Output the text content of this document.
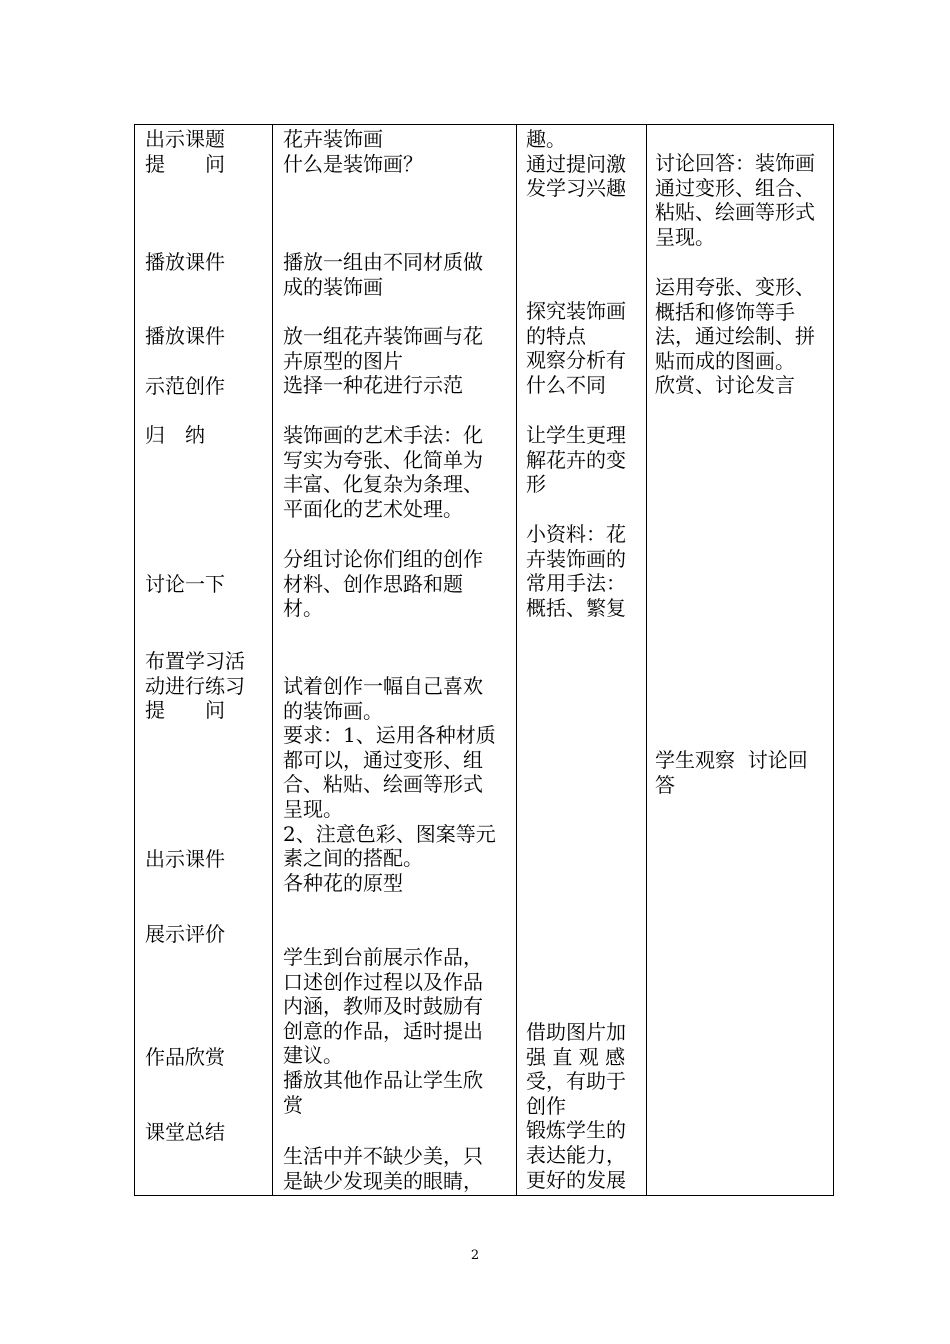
出示课题
提　　问
播放课件
播放课件
示范创作
归　纳
讨论一下
布置学习活
动进行练习
提　　问
出示课件
展示评价
作品欣赏
课堂总结
花卉装饰画
什么是装饰画？
播放一组由不同材质做
成的装饰画
放一组花卉装饰画与花
卉原型的图片
选择一种花进行示范
装饰画的艺术手法：化
写实为夸张、化简单为
丰富、化复杂为条理、
平面化的艺术处理。
分组讨论你们组的创作
材料、创作思路和题
材。
试着创作一幅自己喜欢
的装饰画。
要求：1、运用各种材质
都可以，通过变形、组
合、粘贴、绘画等形式
呈现。
2、注意色彩、图案等元
素之间的搭配。
各种花的原型
学生到台前展示作品，
口述创作过程以及作品
内涵，教师及时鼓励有
创意的作品，适时提出
建议。
播放其他作品让学生欣
赏
生活中并不缺少美，只
是缺少发现美的眼睛，
趣。
通过提问激
发学习兴趣
探究装饰画
的特点
观察分析有
什么不同
让学生更理
解花卉的变
形
小资料：花
卉装饰画的
常用手法：
概括、繁复
借助图片加
强 直 观 感
受，有助于
创作
锻炼学生的
表达能力，
更好的发展
讨论回答：装饰画
通过变形、组合、
粘贴、绘画等形式
呈现。
运用夸张、变形、
概括和修饰等手
法，通过绘制、拼
贴而成的图画。
欣赏、讨论发言
学生观察  讨论回
答
2
